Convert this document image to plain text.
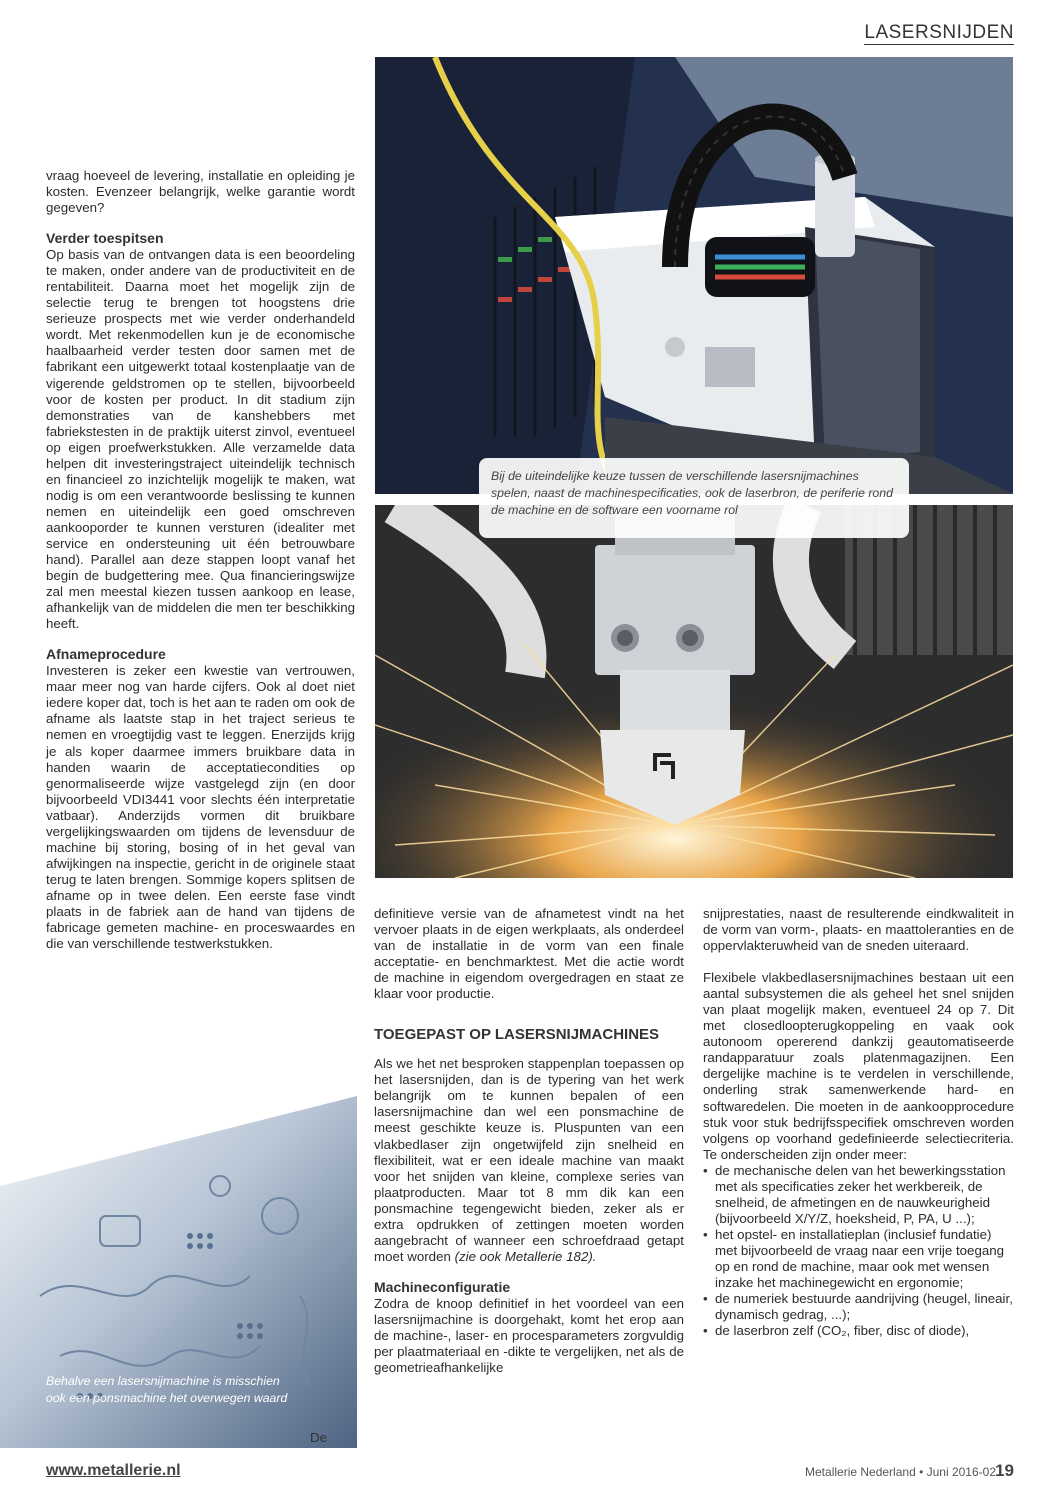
LASERSNIJDEN
Bij de uiteindelijke keuze tussen de verschillende lasersnijmachines spelen, naast de machinespecificaties, ook de laserbron, de periferie rond de machine en de software een voorname rol
Behalve een lasersnijmachine is misschien ook een ponsmachine het overwegen waard
De

vraag hoeveel de levering, installatie en opleiding je kosten. Evenzeer belangrijk, welke garantie wordt gegeven?

Verder toespitsen

Op basis van de ontvangen data is een beoordeling te maken, onder andere van de productiviteit en de rentabiliteit. Daarna moet het mogelijk zijn de selectie terug te brengen tot hoogstens drie serieuze prospects met wie verder onderhandeld wordt. Met rekenmodellen kun je de economische haalbaarheid verder testen door samen met de fabrikant een uitgewerkt totaal kostenplaatje van de vigerende geldstromen op te stellen, bijvoorbeeld voor de kosten per product. In dit stadium zijn demonstraties van de kanshebbers met fabriekstesten in de praktijk uiterst zinvol, eventueel op eigen proefwerkstukken. Alle verzamelde data helpen dit investeringstraject uiteindelijk technisch en financieel zo inzichtelijk mogelijk te maken, wat nodig is om een verantwoorde beslissing te kunnen nemen en uiteindelijk een goed omschreven aankooporder te kunnen versturen (idealiter met service en ondersteuning uit één betrouwbare hand). Parallel aan deze stappen loopt vanaf het begin de budgettering mee. Qua financieringswijze zal men meestal kiezen tussen aankoop en lease, afhankelijk van de middelen die men ter beschikking heeft.

Afnameprocedure

Investeren is zeker een kwestie van vertrouwen, maar meer nog van harde cijfers. Ook al doet niet iedere koper dat, toch is het aan te raden om ook de afname als laatste stap in het traject serieus te nemen en vroegtijdig vast te leggen. Enerzijds krijg je als koper daarmee immers bruikbare data in handen waarin de acceptatiecondities op genormaliseerde wijze vastgelegd zijn (en door bijvoorbeeld VDI3441 voor slechts één interpretatie vatbaar). Anderzijds vormen dit bruikbare vergelijkingswaarden om tijdens de levensduur de machine bij storing, bosing of in het geval van afwijkingen na inspectie, gericht in de originele staat terug te laten brengen. Sommige kopers splitsen de afname op in twee delen. Een eerste fase vindt plaats in de fabriek aan de hand van tijdens de fabricage gemeten machine- en proceswaardes en die van verschillende testwerkstukken.

definitieve versie van de afnametest vindt na het vervoer plaats in de eigen werkplaats, als onderdeel van de installatie in de vorm van een finale acceptatie- en benchmarktest. Met die actie wordt de machine in eigendom overgedragen en staat ze klaar voor productie.

TOEGEPAST OP LASERSNIJMACHINES

Als we het net besproken stappenplan toepassen op het lasersnijden, dan is de typering van het werk belangrijk om te kunnen bepalen of een lasersnijmachine dan wel een ponsmachine de meest geschikte keuze is. Pluspunten van een vlakbedlaser zijn ongetwijfeld zijn snelheid en flexibiliteit, wat er een ideale machine van maakt voor het snijden van kleine, complexe series van plaatproducten. Maar tot 8 mm dik kan een ponsmachine tegengewicht bieden, zeker als er extra opdrukken of zettingen moeten worden aangebracht of wanneer een schroefdraad getapt moet worden (zie ook Metallerie 182).

Machineconfiguratie

Zodra de knoop definitief in het voordeel van een lasersnijmachine is doorgehakt, komt het erop aan de machine-, laser- en procesparameters zorgvuldig per plaatmateriaal en -dikte te vergelijken, net als de geometrieafhankelijke

snijprestaties, naast de resulterende eindkwaliteit in de vorm van vorm-, plaats- en maattoleranties en de oppervlakteruwheid van de sneden uiteraard.

Flexibele vlakbedlasersnijmachines bestaan uit een aantal subsystemen die als geheel het snel snijden van plaat mogelijk maken, eventueel 24 op 7. Dit met closedloopterugkoppeling en vaak ook autonoom opererend dankzij geautomatiseerde randapparatuur zoals platenmagazijnen. Een dergelijke machine is te verdelen in verschillende, onderling strak samenwerkende hard- en softwaredelen. Die moeten in de aankoopprocedure stuk voor stuk bedrijfsspecifiek omschreven worden volgens op voorhand gedefinieerde selectiecriteria. Te onderscheiden zijn onder meer:

• de mechanische delen van het bewerkingsstation met als specificaties zeker het werkbereik, de snelheid, de afmetingen en de nauwkeurigheid (bijvoorbeeld X/Y/Z, hoeksheid, P, PA, U ...);
• het opstel- en installatieplan (inclusief fundatie) met bijvoorbeeld de vraag naar een vrije toegang op en rond de machine, maar ook met wensen inzake het machinegewicht en ergonomie;
• de numeriek bestuurde aandrijving (heugel, lineair, dynamisch gedrag, ...);
• de laserbron zelf (CO₂, fiber, disc of diode),
www.metallerie.nl	Metallerie Nederland • Juni 2016-02 19
